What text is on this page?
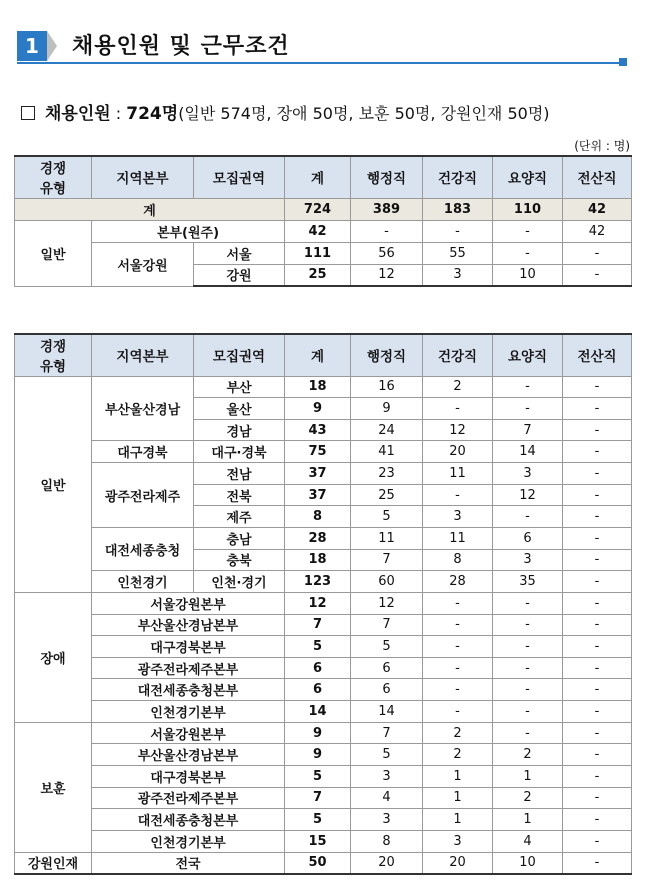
1	채용인원 및 근무조건
채용인원 : 724명(일반 574명, 장애 50명, 보훈 50명, 강원인재 50명)
(단위 : 명)
경쟁
유형	지역본부	모집권역	계	행정직	건강직	요양직	전산직
계			724	389	183	110	42
일반	본부(원주)		42	-	-	-	42
	서울강원	서울	111	56	55	-	-
		강원	25	12	3	10	-
경쟁
유형	지역본부	모집권역	계	행정직	건강직	요양직	전산직
일반	부산울산경남	부산	18	16	2	-	-
		울산	9	9	-	-	-
		경남	43	24	12	7	-
	대구경북	대구·경북	75	41	20	14	-
	광주전라제주	전남	37	23	11	3	-
		전북	37	25	-	12	-
		제주	8	5	3	-	-
	대전세종충청	충남	28	11	11	6	-
		충북	18	7	8	3	-
	인천경기	인천·경기	123	60	28	35	-
장애	서울강원본부		12	12	-	-	-
	부산울산경남본부		7	7	-	-	-
	대구경북본부		5	5	-	-	-
	광주전라제주본부		6	6	-	-	-
	대전세종충청본부		6	6	-	-	-
	인천경기본부		14	14	-	-	-
보훈	서울강원본부		9	7	2	-	-
	부산울산경남본부		9	5	2	2	-
	대구경북본부		5	3	1	1	-
	광주전라제주본부		7	4	1	2	-
	대전세종충청본부		5	3	1	1	-
	인천경기본부		15	8	3	4	-
강원인재	전국		50	20	20	10	-
